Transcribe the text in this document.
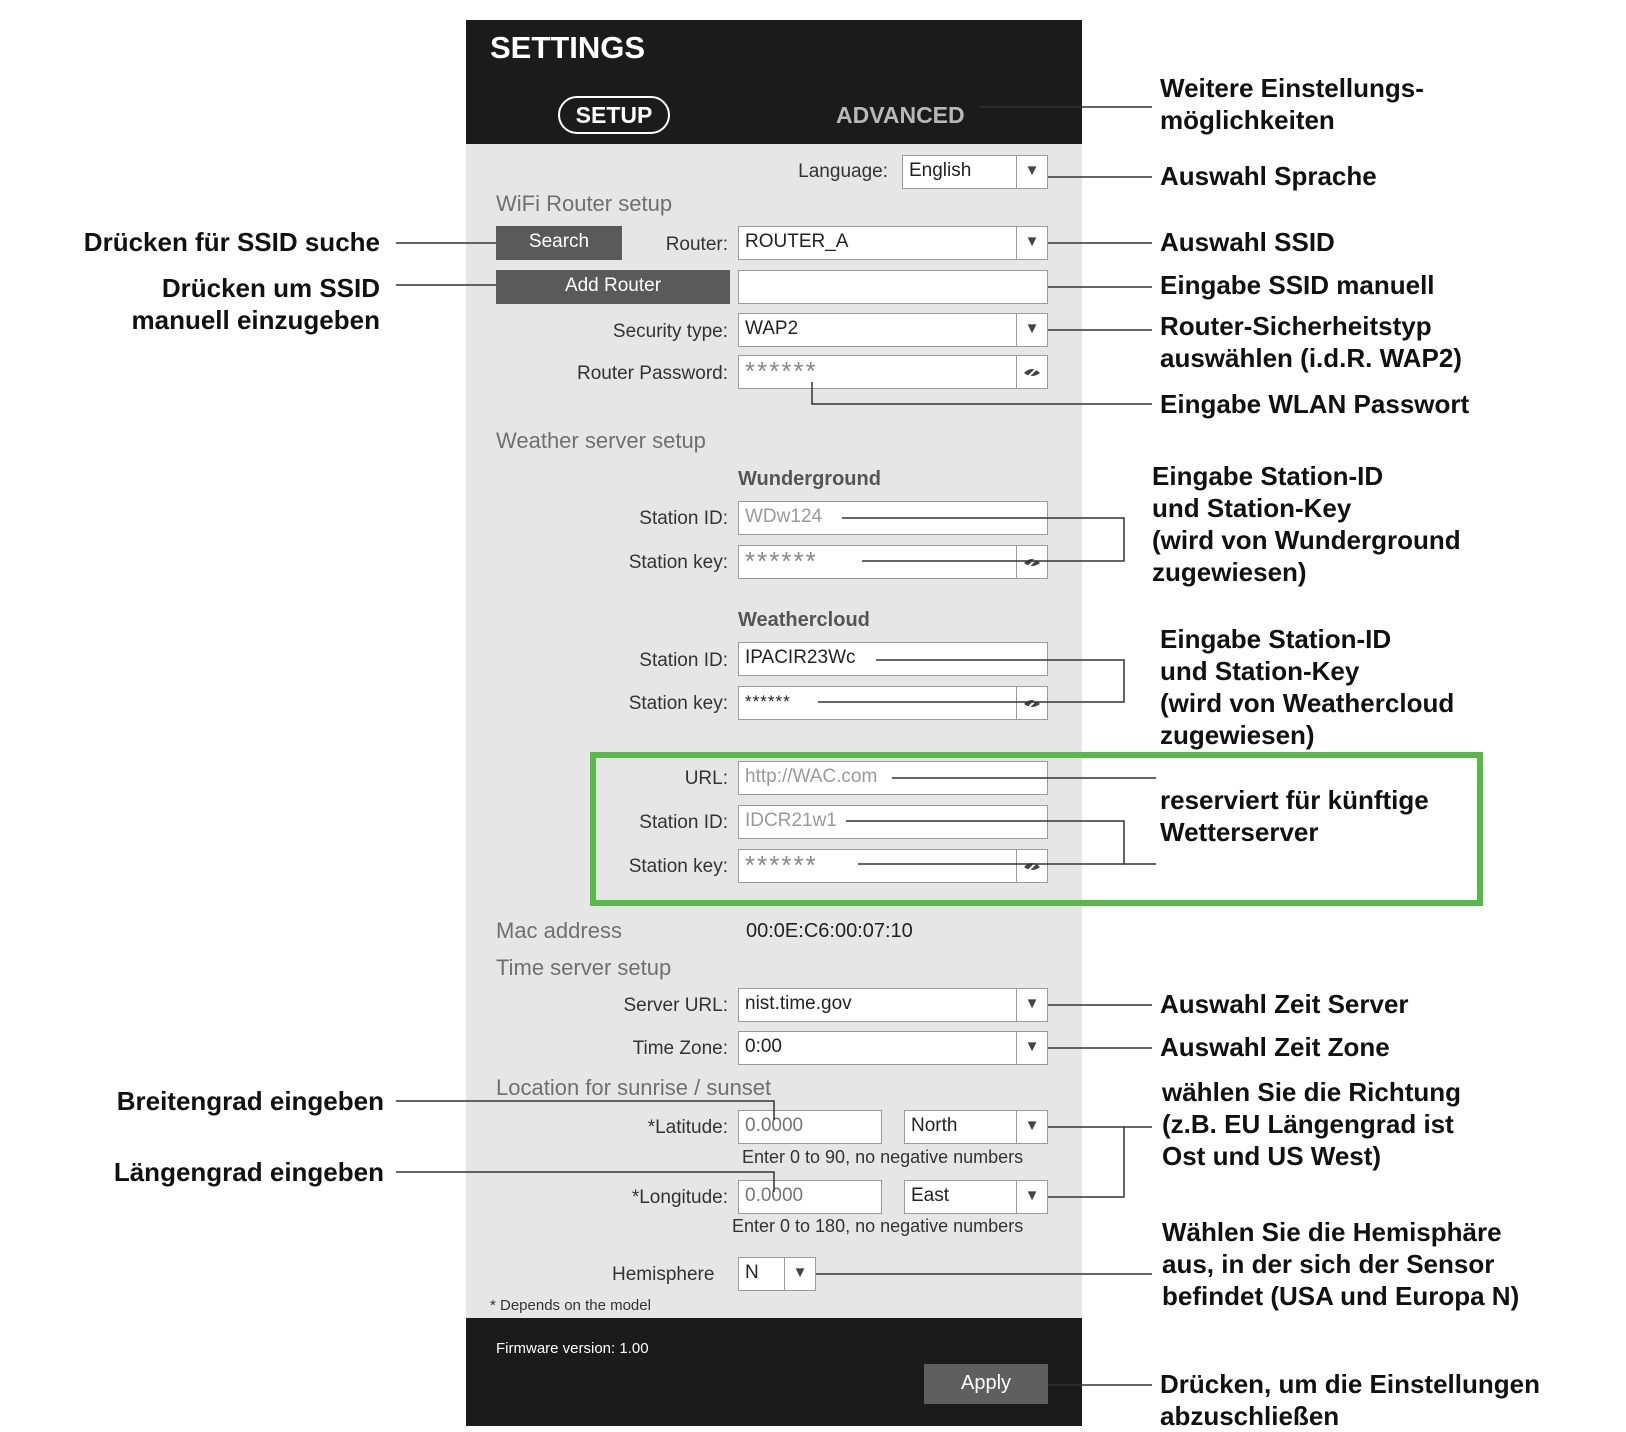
SETTINGS
SETUP	ADVANCED
Language:	English	▼
WiFi Router setup
Search	Router: ROUTER_A	▼
Add Router
Security type: WAP2	▼
Router Password: ******
Weather server setup
Wunderground
Station ID: WDw124
Station key: ******
Weathercloud
Station ID: IPACIR23Wc
Station key:	******
URL: http://WAC.com
Station ID: IDCR21w1
Station key: ******
Mac address	00:0E:C6:00:07:10
Time server setup
Server URL: nist.time.gov	▼
Time Zone: 0:00	▼
Location for sunrise / sunset
*Latitude:
0.0000	North	▼
Enter 0 to 90, no negative numbers
*Longitude:
0.0000	East	▼
Enter 0 to 180, no negative numbers
Hemisphere	N	▼
* Depends on the model
Firmware version: 1.00
Apply
Weitere Einstellungs-
möglichkeiten
Auswahl Sprache
Auswahl SSID
Eingabe SSID manuell
Router-Sicherheitstyp
auswählen (i.d.R. WAP2)
Eingabe WLAN Passwort
Eingabe Station-ID
und Station-Key
(wird von Wunderground
zugewiesen)
Eingabe Station-ID
und Station-Key
(wird von Weathercloud
zugewiesen)
reserviert für künftige
Wetterserver
Auswahl Zeit Server
Auswahl Zeit Zone
wählen Sie die Richtung
(z.B. EU Längengrad ist
Ost und US West)
Wählen Sie die Hemisphäre
aus, in der sich der Sensor
befindet (USA und Europa N)
Drücken, um die Einstellungen
abzuschließen
Drücken für SSID suche
Drücken um SSID
manuell einzugeben
Breitengrad eingeben
Längengrad eingeben
